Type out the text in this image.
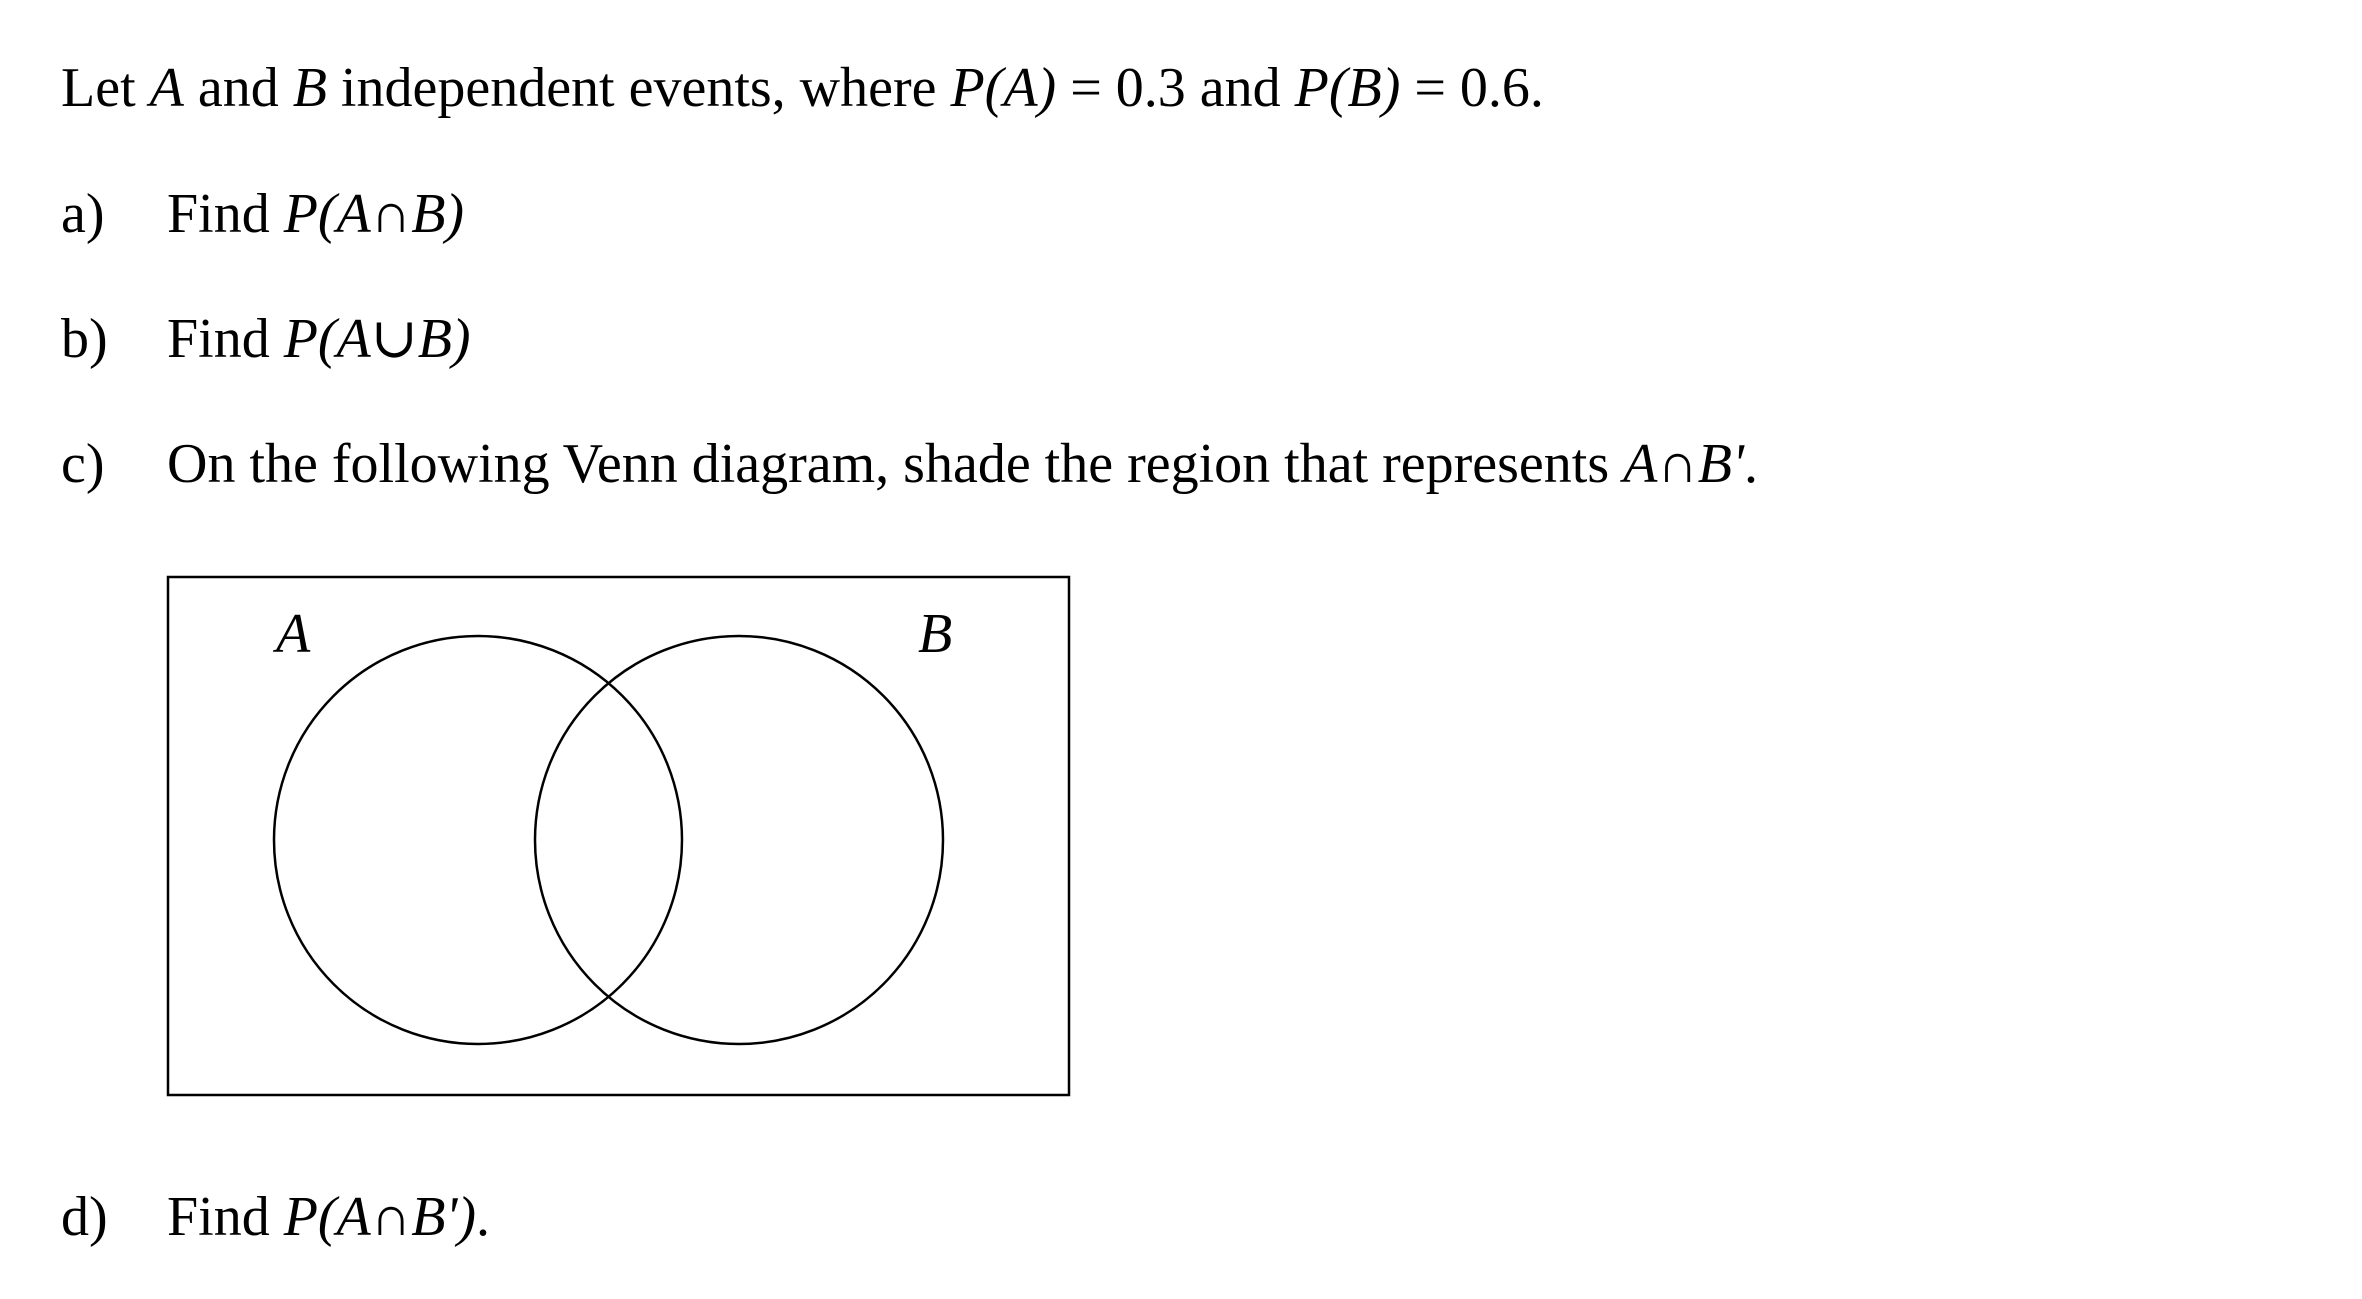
Let A and B independent events, where P(A) = 0.3 and P(B) = 0.6.
a) Find P(A∩B)
b) Find P(A∪B)
c) On the following Venn diagram, shade the region that represents A∩B'.
A	B
d) Find P(A∩B').
